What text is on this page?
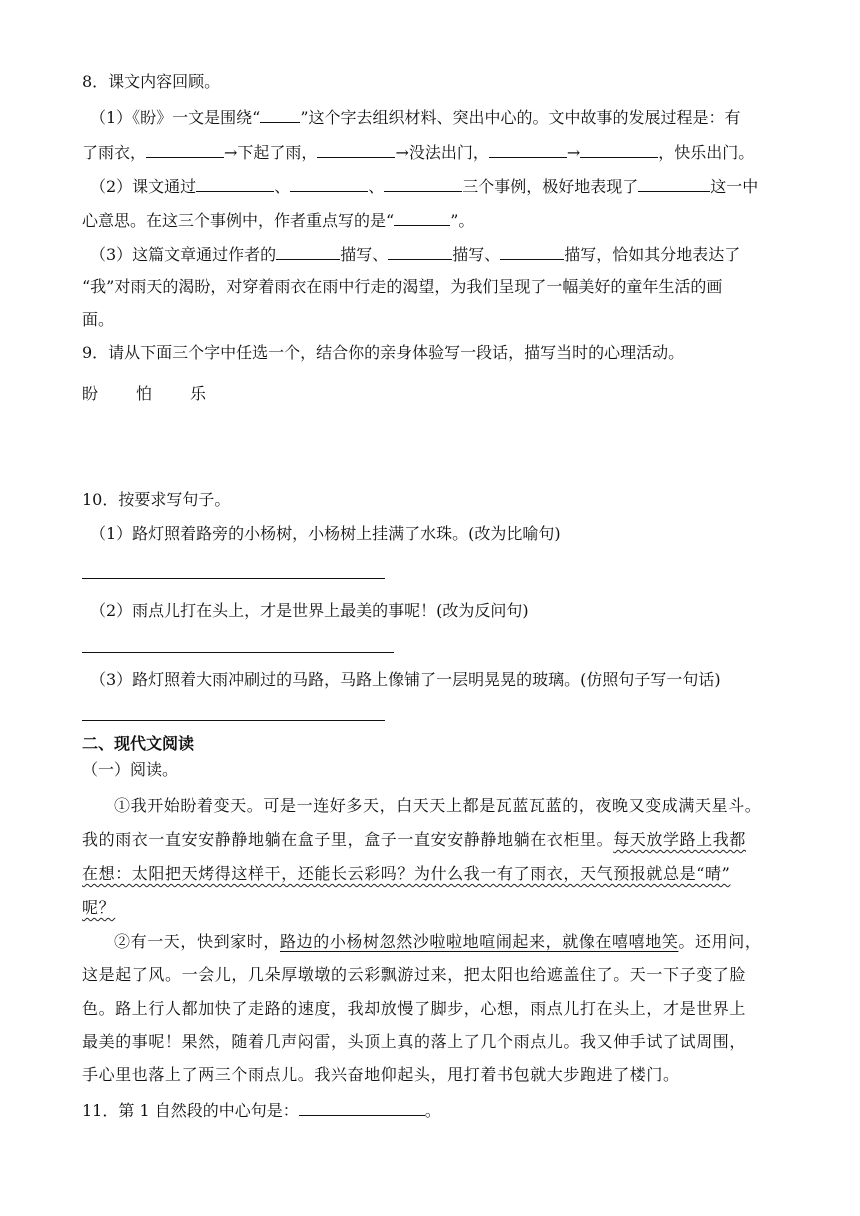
8．课文内容回顾。
（1）《盼》一文是围绕“	”这个字去组织材料、突出中心的。文中故事的发展过程是：有
了雨衣，	→下起了雨，	→没法出门，	→	，快乐出门。
（2）课文通过	、	、	三个事例，极好地表现了	这一中
心意思。在这三个事例中，作者重点写的是“	”。
（3）这篇文章通过作者的	描写、	描写、	描写，恰如其分地表达了
“我”对雨天的渴盼，对穿着雨衣在雨中行走的渴望，为我们呈现了一幅美好的童年生活的画
面。
9．请从下面三个字中任选一个，结合你的亲身体验写一段话，描写当时的心理活动。
盼 怕 乐
10．按要求写句子。
（1）路灯照着路旁的小杨树，小杨树上挂满了水珠。(改为比喻句)
（2）雨点儿打在头上，才是世界上最美的事呢！(改为反问句)
（3）路灯照着大雨冲刷过的马路，马路上像铺了一层明晃晃的玻璃。(仿照句子写一句话)
二、现代文阅读
（一）阅读。
①我开始盼着变天。可是一连好多天，白天天上都是瓦蓝瓦蓝的，夜晚又变成满天星斗。
我的雨衣一直安安静静地躺在盒子里，盒子一直安安静静地躺在衣柜里。每天放学路上我都
在想：太阳把天烤得这样干，还能长云彩吗？为什么我一有了雨衣，天气预报就总是“晴”
呢？
②有一天，快到家时，路边的小杨树忽然沙啦啦地喧闹起来，就像在嘻嘻地笑。还用问，
这是起了风。一会儿，几朵厚墩墩的云彩飘游过来，把太阳也给遮盖住了。天一下子变了脸
色。路上行人都加快了走路的速度，我却放慢了脚步，心想，雨点儿打在头上，才是世界上
最美的事呢！果然，随着几声闷雷，头顶上真的落上了几个雨点儿。我又伸手试了试周围，
手心里也落上了两三个雨点儿。我兴奋地仰起头，甩打着书包就大步跑进了楼门。
11．第 1 自然段的中心句是：	。
